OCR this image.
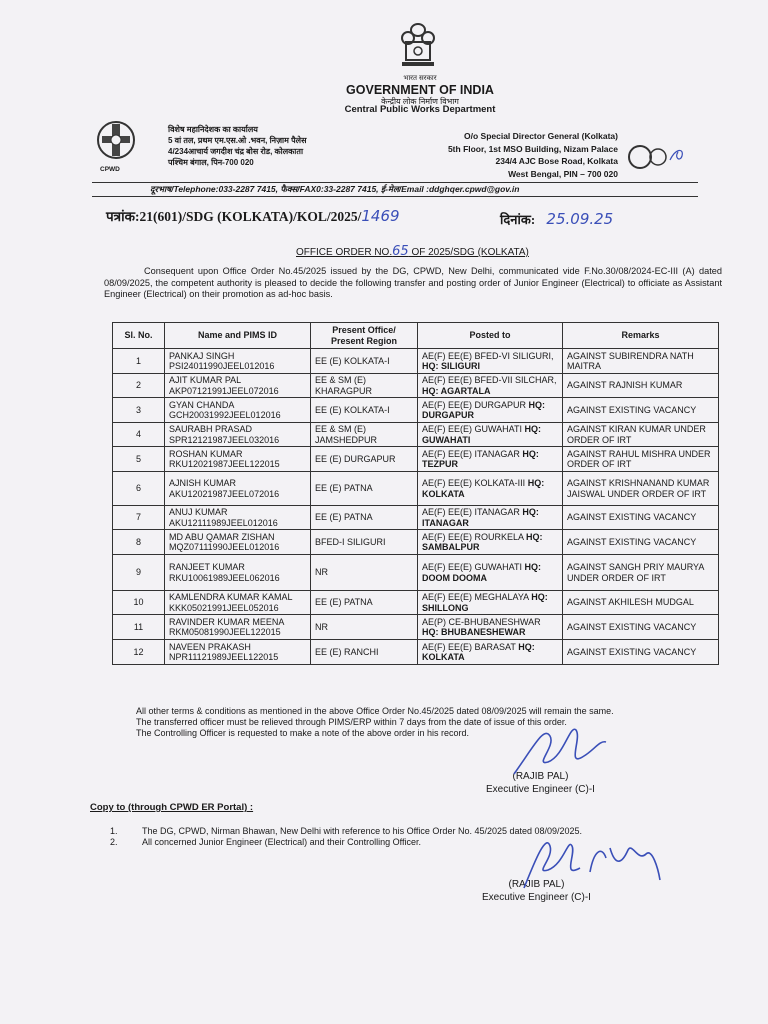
भारत सरकार
GOVERNMENT OF INDIA
केन्द्रीय लोक निर्माण विभाग
Central Public Works Department
CPWD
विशेष महानिदेशक का कार्यालय
5 वां तल, प्रथम एम.एस.ओ .भवन, निज़ाम पैलेस
4/234आचार्य जगदीश चंद्र बोस रोड, कोलकाता
पश्चिम बंगाल, पिन-700 020
O/o Special Director General (Kolkata)
5th Floor, 1st MSO Building, Nizam Palace
234/4 AJC Bose Road, Kolkata
West Bengal, PIN – 700 020
दूरभाष/Telephone:033-2287 7415, फैक्स/FAX0:33-2287 7415, ई-मेल/Email :ddghqer.cpwd@gov.in
पत्रांक:21(601)/SDG (KOLKATA)/KOL/2025/1469	दिनांक: 25.09.25
OFFICE ORDER NO.65 OF 2025/SDG (KOLKATA)
Consequent upon Office Order No.45/2025 issued by the DG, CPWD, New Delhi, communicated vide F.No.30/08/2024-EC-III (A) dated 08/09/2025, the competent authority is pleased to decide the following transfer and posting order of Junior Engineer (Electrical) to officiate as Assistant Engineer (Electrical) on their promotion as ad-hoc basis.
Sl. No.	Name and PIMS ID	Present Office/ Present Region	Posted to	Remarks
1	PANKAJ SINGH
PSI24011990JEEL012016	EE (E) KOLKATA-I	AE(F) EE(E) BFED-VI SILIGURI, HQ: SILIGURI	AGAINST SUBIRENDRA NATH MAITRA
2	AJIT KUMAR PAL
AKP07121991JEEL072016	EE & SM (E) KHARAGPUR	AE(F) EE(E) BFED-VII SILCHAR, HQ: AGARTALA	AGAINST RAJNISH KUMAR
3	GYAN CHANDA
GCH20031992JEEL012016	EE (E) KOLKATA-I	AE(F) EE(E) DURGAPUR HQ: DURGAPUR	AGAINST EXISTING VACANCY
4	SAURABH PRASAD
SPR12121987JEEL032016	EE & SM (E) JAMSHEDPUR	AE(F) EE(E) GUWAHATI HQ: GUWAHATI	AGAINST KIRAN KUMAR UNDER ORDER OF IRT
5	ROSHAN KUMAR
RKU12021987JEEL122015	EE (E) DURGAPUR	AE(F) EE(E) ITANAGAR HQ: TEZPUR	AGAINST RAHUL MISHRA UNDER ORDER OF IRT
6	AJNISH KUMAR
AKU12021987JEEL072016	EE (E) PATNA	AE(F) EE(E) KOLKATA-III HQ: KOLKATA	AGAINST KRISHNANAND KUMAR JAISWAL UNDER ORDER OF IRT
7	ANUJ KUMAR
AKU12111989JEEL012016	EE (E) PATNA	AE(F) EE(E) ITANAGAR HQ: ITANAGAR	AGAINST EXISTING VACANCY
8	MD ABU QAMAR ZISHAN
MQZ07111990JEEL012016	BFED-I SILIGURI	AE(F) EE(E) ROURKELA HQ: SAMBALPUR	AGAINST EXISTING VACANCY
9	RANJEET KUMAR
RKU10061989JEEL062016	NR	AE(F) EE(E) GUWAHATI HQ: DOOM DOOMA	AGAINST SANGH PRIY MAURYA UNDER ORDER OF IRT
10	KAMLENDRA KUMAR KAMAL
KKK05021991JEEL052016	EE (E) PATNA	AE(F) EE(E) MEGHALAYA HQ: SHILLONG	AGAINST AKHILESH MUDGAL
11	RAVINDER KUMAR MEENA
RKM05081990JEEL122015	NR	AE(P) CE-BHUBANESHWAR HQ: BHUBANESHEWAR	AGAINST EXISTING VACANCY
12	NAVEEN PRAKASH
NPR11121989JEEL122015	EE (E) RANCHI	AE(F) EE(E) BARASAT HQ: KOLKATA	AGAINST EXISTING VACANCY
All other terms & conditions as mentioned in the above Office Order No.45/2025 dated 08/09/2025 will remain the same.
The transferred officer must be relieved through PIMS/ERP within 7 days from the date of issue of this order.
The Controlling Officer is requested to make a note of the above order in his record.
(RAJIB PAL)
Executive Engineer (C)-I
Copy to (through CPWD ER Portal) :
1.	The DG, CPWD, Nirman Bhawan, New Delhi with reference to his Office Order No. 45/2025 dated 08/09/2025.
2.	All concerned Junior Engineer (Electrical) and their Controlling Officer.
(RAJIB PAL)
Executive Engineer (C)-I
